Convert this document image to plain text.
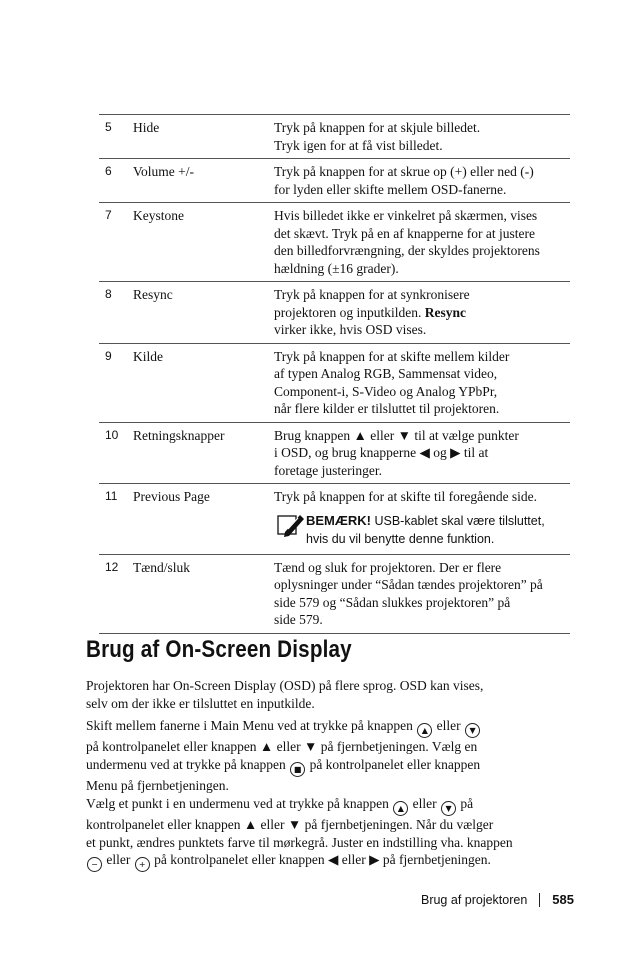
5	Hide	Tryk på knappen for at skjule billedet.
Tryk igen for at få vist billedet.
6	Volume +/-	Tryk på knappen for at skrue op (+) eller ned (-)
for lyden eller skifte mellem OSD-fanerne.
7	Keystone	Hvis billedet ikke er vinkelret på skærmen, vises
det skævt. Tryk på en af knapperne for at justere
den billedforvrængning, der skyldes projektorens
hældning (±16 grader).
8	Resync	Tryk på knappen for at synkronisere
projektoren og inputkilden. Resync
virker ikke, hvis OSD vises.
9	Kilde	Tryk på knappen for at skifte mellem kilder
af typen Analog RGB, Sammensat video,
Component-i, S-Video og Analog YPbPr,
når flere kilder er tilsluttet til projektoren.
10	Retningsknapper	Brug knappen ▲ eller ▼ til at vælge punkter
i OSD, og brug knapperne ◀ og ▶ til at
foretage justeringer.
11	Previous Page	Tryk på knappen for at skifte til foregående side.
BEMÆRK! USB-kablet skal være tilsluttet,
hvis du vil benytte denne funktion.
12	Tænd/sluk	Tænd og sluk for projektoren. Der er flere
oplysninger under “Sådan tændes projektoren” på
side 579 og “Sådan slukkes projektoren” på
side 579.
Brug af On-Screen Display
Projektoren har On-Screen Display (OSD) på flere sprog. OSD kan vises,
selv om der ikke er tilsluttet en inputkilde.
Skift mellem fanerne i Main Menu ved at trykke på knappen ▲ eller ▼
på kontrolpanelet eller knappen ▲ eller ▼ på fjernbetjeningen. Vælg en
undermenu ved at trykke på knappen ■ på kontrolpanelet eller knappen
Menu på fjernbetjeningen.
Vælg et punkt i en undermenu ved at trykke på knappen ▲ eller ▼ på
kontrolpanelet eller knappen ▲ eller ▼ på fjernbetjeningen. Når du vælger
et punkt, ændres punktets farve til mørkegrå. Juster en indstilling vha. knappen
− eller + på kontrolpanelet eller knappen ◀ eller ▶ på fjernbetjeningen.
Brug af projektoren 585
